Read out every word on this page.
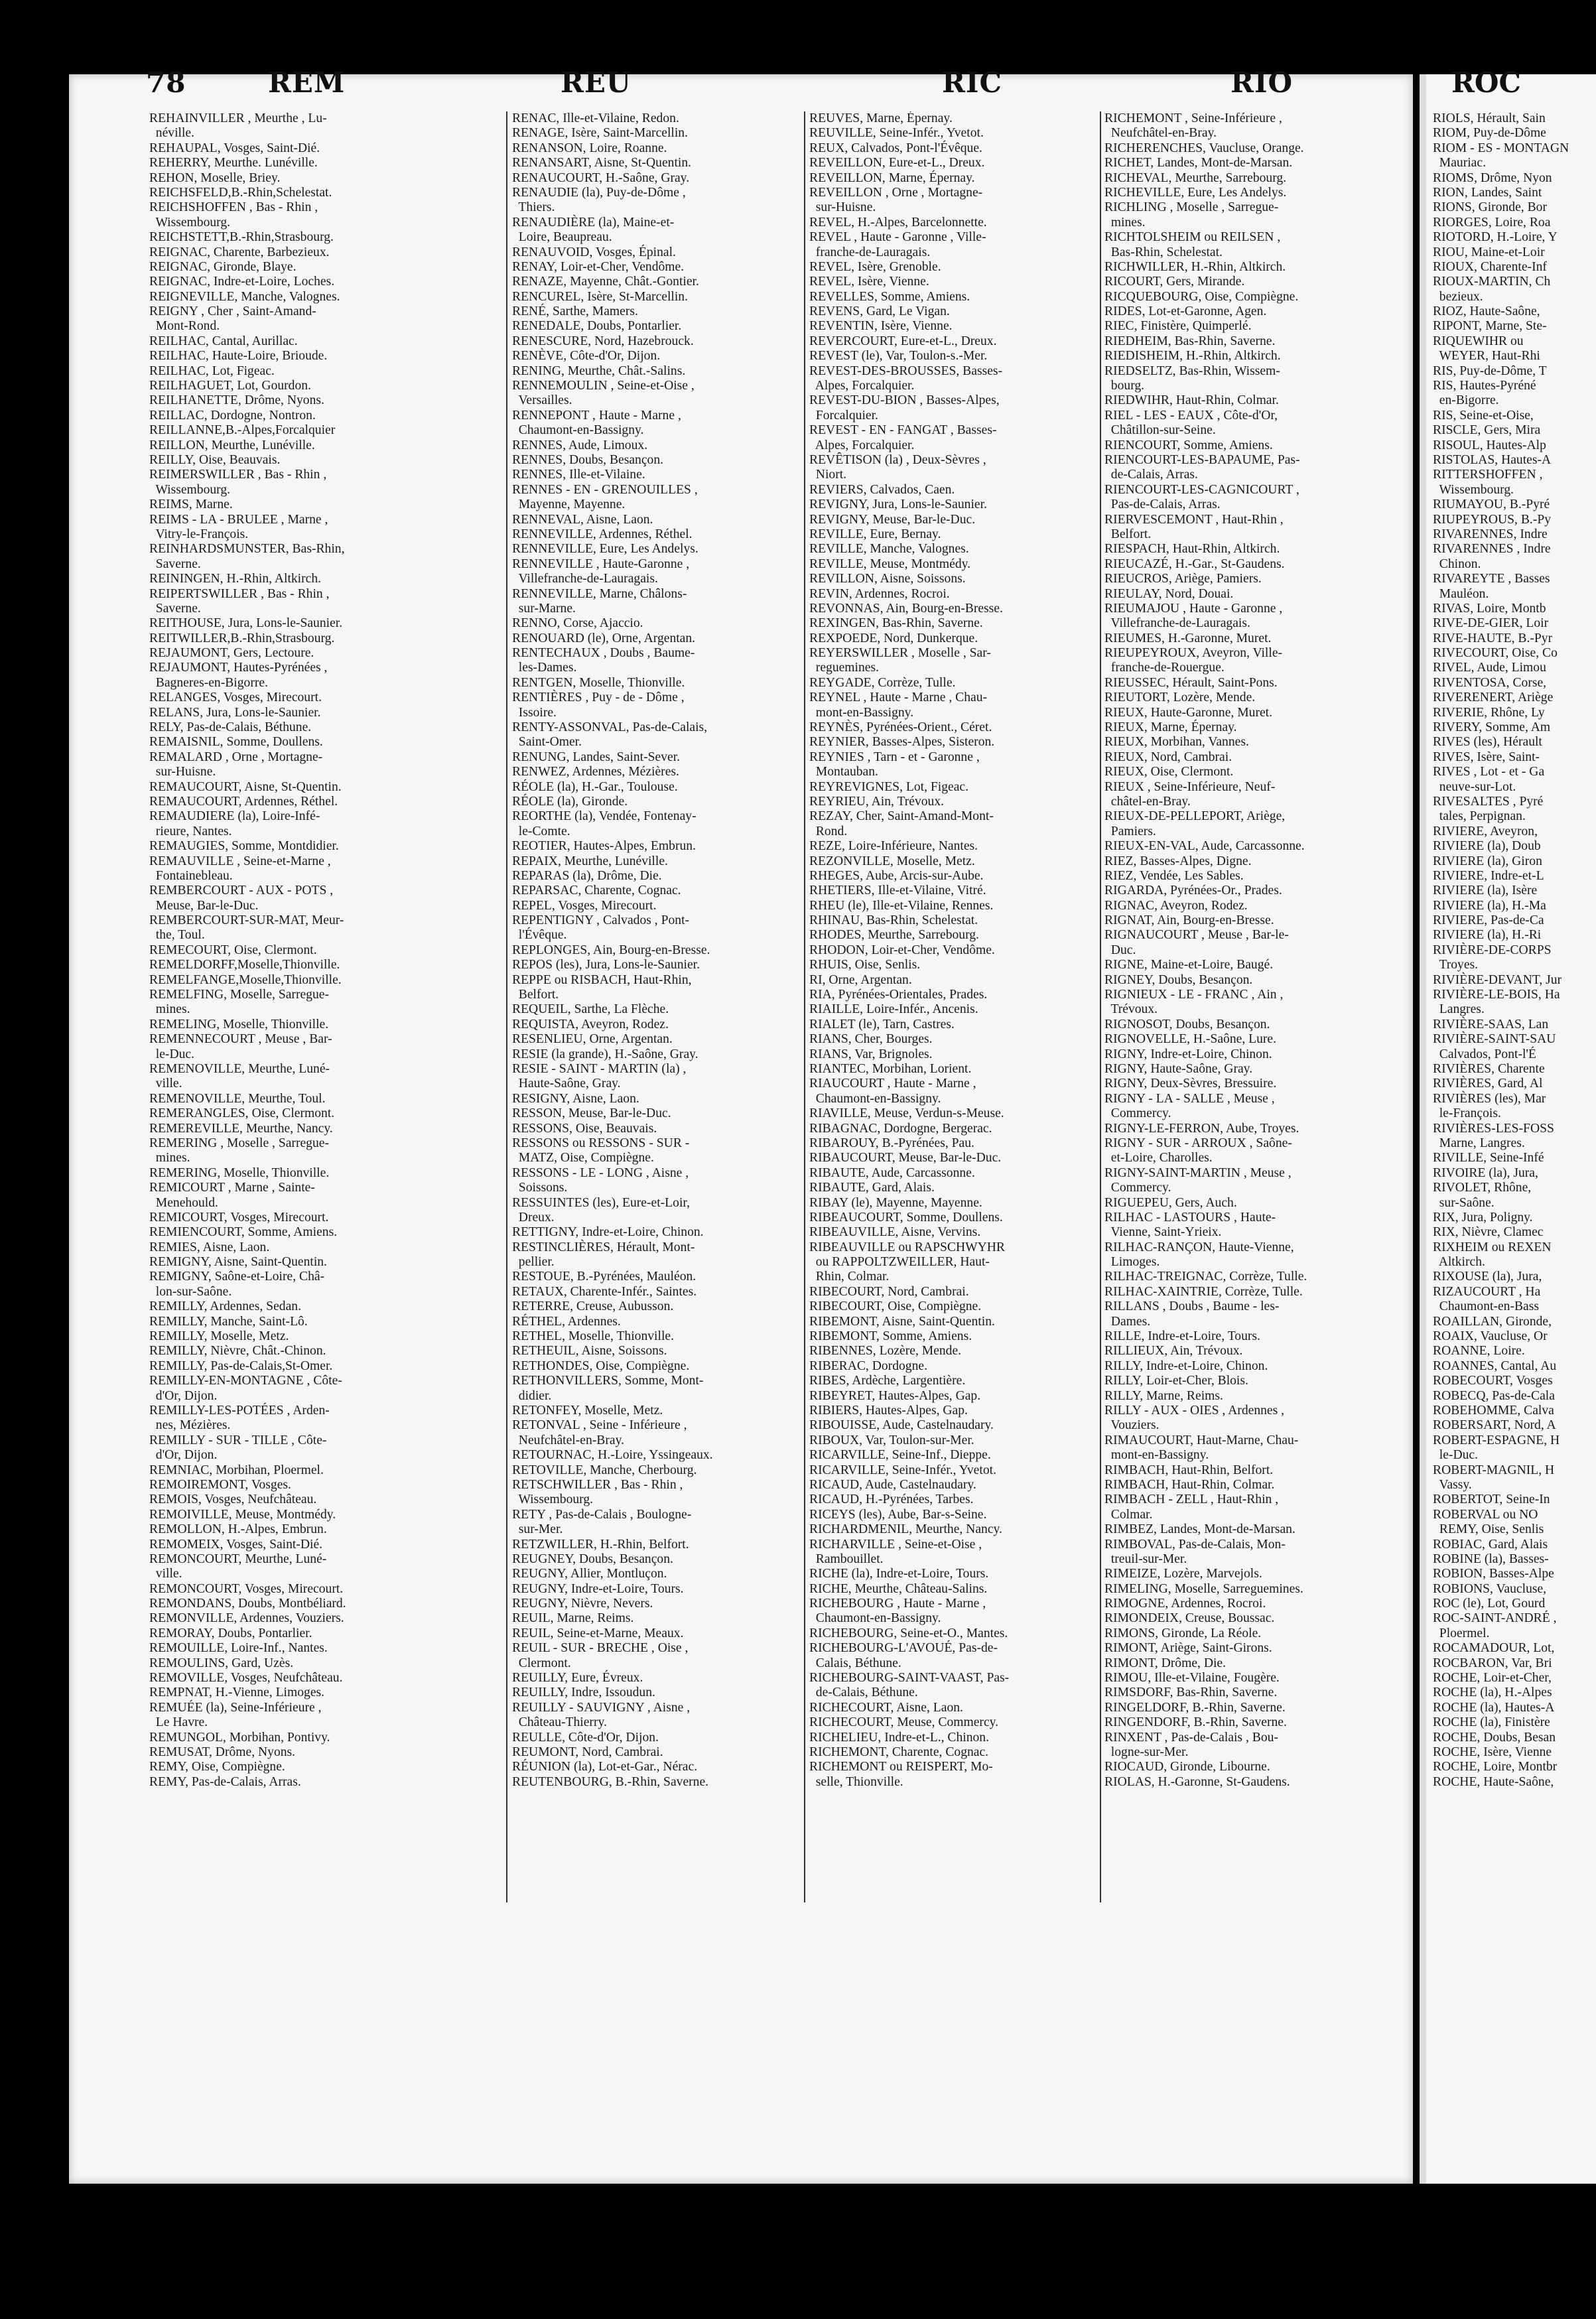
78	REM	REU	RIC	RIO	ROC
REHAINVILLER , Meurthe , Lu-
néville.
REHAUPAL, Vosges, Saint-Dié.
REHERRY, Meurthe. Lunéville.
REHON, Moselle, Briey.
REICHSFELD,B.-Rhin,Schelestat.
REICHSHOFFEN , Bas - Rhin ,
Wissembourg.
REICHSTETT,B.-Rhin,Strasbourg.
REIGNAC, Charente, Barbezieux.
REIGNAC, Gironde, Blaye.
REIGNAC, Indre-et-Loire, Loches.
REIGNEVILLE, Manche, Valognes.
REIGNY , Cher , Saint-Amand-
Mont-Rond.
REILHAC, Cantal, Aurillac.
REILHAC, Haute-Loire, Brioude.
REILHAC, Lot, Figeac.
REILHAGUET, Lot, Gourdon.
REILHANETTE, Drôme, Nyons.
REILLAC, Dordogne, Nontron.
REILLANNE,B.-Alpes,Forcalquier
REILLON, Meurthe, Lunéville.
REILLY, Oise, Beauvais.
REIMERSWILLER , Bas - Rhin ,
Wissembourg.
REIMS, Marne.
REIMS - LA - BRULEE , Marne ,
Vitry-le-François.
REINHARDSMUNSTER, Bas-Rhin,
Saverne.
REININGEN, H.-Rhin, Altkirch.
REIPERTSWILLER , Bas - Rhin ,
Saverne.
REITHOUSE, Jura, Lons-le-Saunier.
REITWILLER,B.-Rhin,Strasbourg.
REJAUMONT, Gers, Lectoure.
REJAUMONT, Hautes-Pyrénées ,
Bagneres-en-Bigorre.
RELANGES, Vosges, Mirecourt.
RELANS, Jura, Lons-le-Saunier.
RELY, Pas-de-Calais, Béthune.
REMAISNIL, Somme, Doullens.
REMALARD , Orne , Mortagne-
sur-Huisne.
REMAUCOURT, Aisne, St-Quentin.
REMAUCOURT, Ardennes, Réthel.
REMAUDIERE (la), Loire-Infé-
rieure, Nantes.
REMAUGIES, Somme, Montdidier.
REMAUVILLE , Seine-et-Marne ,
Fontainebleau.
REMBERCOURT - AUX - POTS ,
Meuse, Bar-le-Duc.
REMBERCOURT-SUR-MAT, Meur-
the, Toul.
REMECOURT, Oise, Clermont.
REMELDORFF,Moselle,Thionville.
REMELFANGE,Moselle,Thionville.
REMELFING, Moselle, Sarregue-
mines.
REMELING, Moselle, Thionville.
REMENNECOURT , Meuse , Bar-
le-Duc.
REMENOVILLE, Meurthe, Luné-
ville.
REMENOVILLE, Meurthe, Toul.
REMERANGLES, Oise, Clermont.
REMEREVILLE, Meurthe, Nancy.
REMERING , Moselle , Sarregue-
mines.
REMERING, Moselle, Thionville.
REMICOURT , Marne , Sainte-
Menehould.
REMICOURT, Vosges, Mirecourt.
REMIENCOURT, Somme, Amiens.
REMIES, Aisne, Laon.
REMIGNY, Aisne, Saint-Quentin.
REMIGNY, Saône-et-Loire, Châ-
lon-sur-Saône.
REMILLY, Ardennes, Sedan.
REMILLY, Manche, Saint-Lô.
REMILLY, Moselle, Metz.
REMILLY, Nièvre, Chât.-Chinon.
REMILLY, Pas-de-Calais,St-Omer.
REMILLY-EN-MONTAGNE , Côte-
d'Or, Dijon.
REMILLY-LES-POTÉES , Arden-
nes, Mézières.
REMILLY - SUR - TILLE , Côte-
d'Or, Dijon.
REMNIAC, Morbihan, Ploermel.
REMOIREMONT, Vosges.
REMOIS, Vosges, Neufchâteau.
REMOIVILLE, Meuse, Montmédy.
REMOLLON, H.-Alpes, Embrun.
REMOMEIX, Vosges, Saint-Dié.
REMONCOURT, Meurthe, Luné-
ville.
REMONCOURT, Vosges, Mirecourt.
REMONDANS, Doubs, Montbéliard.
REMONVILLE, Ardennes, Vouziers.
REMORAY, Doubs, Pontarlier.
REMOUILLE, Loire-Inf., Nantes.
REMOULINS, Gard, Uzès.
REMOVILLE, Vosges, Neufchâteau.
REMPNAT, H.-Vienne, Limoges.
REMUÉE (la), Seine-Inférieure ,
Le Havre.
REMUNGOL, Morbihan, Pontivy.
REMUSAT, Drôme, Nyons.
REMY, Oise, Compiègne.
REMY, Pas-de-Calais, Arras.
RENAC, Ille-et-Vilaine, Redon.
RENAGE, Isère, Saint-Marcellin.
RENANSON, Loire, Roanne.
RENANSART, Aisne, St-Quentin.
RENAUCOURT, H.-Saône, Gray.
RENAUDIE (la), Puy-de-Dôme ,
Thiers.
RENAUDIÈRE (la), Maine-et-
Loire, Beaupreau.
RENAUVOID, Vosges, Épinal.
RENAY, Loir-et-Cher, Vendôme.
RENAZE, Mayenne, Chât.-Gontier.
RENCUREL, Isère, St-Marcellin.
RENÉ, Sarthe, Mamers.
RENEDALE, Doubs, Pontarlier.
RENESCURE, Nord, Hazebrouck.
RENÈVE, Côte-d'Or, Dijon.
RENING, Meurthe, Chât.-Salins.
RENNEMOULIN , Seine-et-Oise ,
Versailles.
RENNEPONT , Haute - Marne ,
Chaumont-en-Bassigny.
RENNES, Aude, Limoux.
RENNES, Doubs, Besançon.
RENNES, Ille-et-Vilaine.
RENNES - EN - GRENOUILLES ,
Mayenne, Mayenne.
RENNEVAL, Aisne, Laon.
RENNEVILLE, Ardennes, Réthel.
RENNEVILLE, Eure, Les Andelys.
RENNEVILLE , Haute-Garonne ,
Villefranche-de-Lauragais.
RENNEVILLE, Marne, Châlons-
sur-Marne.
RENNO, Corse, Ajaccio.
RENOUARD (le), Orne, Argentan.
RENTECHAUX , Doubs , Baume-
les-Dames.
RENTGEN, Moselle, Thionville.
RENTIÈRES , Puy - de - Dôme ,
Issoire.
RENTY-ASSONVAL, Pas-de-Calais,
Saint-Omer.
RENUNG, Landes, Saint-Sever.
RENWEZ, Ardennes, Mézières.
RÉOLE (la), H.-Gar., Toulouse.
RÉOLE (la), Gironde.
REORTHE (la), Vendée, Fontenay-
le-Comte.
REOTIER, Hautes-Alpes, Embrun.
REPAIX, Meurthe, Lunéville.
REPARAS (la), Drôme, Die.
REPARSAC, Charente, Cognac.
REPEL, Vosges, Mirecourt.
REPENTIGNY , Calvados , Pont-
l'Évêque.
REPLONGES, Ain, Bourg-en-Bresse.
REPOS (les), Jura, Lons-le-Saunier.
REPPE ou RISBACH, Haut-Rhin,
Belfort.
REQUEIL, Sarthe, La Flèche.
REQUISTA, Aveyron, Rodez.
RESENLIEU, Orne, Argentan.
RESIE (la grande), H.-Saône, Gray.
RESIE - SAINT - MARTIN (la) ,
Haute-Saône, Gray.
RESIGNY, Aisne, Laon.
RESSON, Meuse, Bar-le-Duc.
RESSONS, Oise, Beauvais.
RESSONS ou RESSONS - SUR -
MATZ, Oise, Compiègne.
RESSONS - LE - LONG , Aisne ,
Soissons.
RESSUINTES (les), Eure-et-Loir,
Dreux.
RETTIGNY, Indre-et-Loire, Chinon.
RESTINCLIÈRES, Hérault, Mont-
pellier.
RESTOUE, B.-Pyrénées, Mauléon.
RETAUX, Charente-Infér., Saintes.
RETERRE, Creuse, Aubusson.
RÉTHEL, Ardennes.
RETHEL, Moselle, Thionville.
RETHEUIL, Aisne, Soissons.
RETHONDES, Oise, Compiègne.
RETHONVILLERS, Somme, Mont-
didier.
RETONFEY, Moselle, Metz.
RETONVAL , Seine - Inférieure ,
Neufchâtel-en-Bray.
RETOURNAC, H.-Loire, Yssingeaux.
RETOVILLE, Manche, Cherbourg.
RETSCHWILLER , Bas - Rhin ,
Wissembourg.
RETY , Pas-de-Calais , Boulogne-
sur-Mer.
RETZWILLER, H.-Rhin, Belfort.
REUGNEY, Doubs, Besançon.
REUGNY, Allier, Montluçon.
REUGNY, Indre-et-Loire, Tours.
REUGNY, Nièvre, Nevers.
REUIL, Marne, Reims.
REUIL, Seine-et-Marne, Meaux.
REUIL - SUR - BRECHE , Oise ,
Clermont.
REUILLY, Eure, Évreux.
REUILLY, Indre, Issoudun.
REUILLY - SAUVIGNY , Aisne ,
Château-Thierry.
REULLE, Côte-d'Or, Dijon.
REUMONT, Nord, Cambrai.
RÉUNION (la), Lot-et-Gar., Nérac.
REUTENBOURG, B.-Rhin, Saverne.
REUVES, Marne, Épernay.
REUVILLE, Seine-Infér., Yvetot.
REUX, Calvados, Pont-l'Évêque.
REVEILLON, Eure-et-L., Dreux.
REVEILLON, Marne, Épernay.
REVEILLON , Orne , Mortagne-
sur-Huisne.
REVEL, H.-Alpes, Barcelonnette.
REVEL , Haute - Garonne , Ville-
franche-de-Lauragais.
REVEL, Isère, Grenoble.
REVEL, Isère, Vienne.
REVELLES, Somme, Amiens.
REVENS, Gard, Le Vigan.
REVENTIN, Isère, Vienne.
REVERCOURT, Eure-et-L., Dreux.
REVEST (le), Var, Toulon-s.-Mer.
REVEST-DES-BROUSSES, Basses-
Alpes, Forcalquier.
REVEST-DU-BION , Basses-Alpes,
Forcalquier.
REVEST - EN - FANGAT , Basses-
Alpes, Forcalquier.
REVÊTISON (la) , Deux-Sèvres ,
Niort.
REVIERS, Calvados, Caen.
REVIGNY, Jura, Lons-le-Saunier.
REVIGNY, Meuse, Bar-le-Duc.
REVILLE, Eure, Bernay.
REVILLE, Manche, Valognes.
REVILLE, Meuse, Montmédy.
REVILLON, Aisne, Soissons.
REVIN, Ardennes, Rocroi.
REVONNAS, Ain, Bourg-en-Bresse.
REXINGEN, Bas-Rhin, Saverne.
REXPOEDE, Nord, Dunkerque.
REYERSWILLER , Moselle , Sar-
reguemines.
REYGADE, Corrèze, Tulle.
REYNEL , Haute - Marne , Chau-
mont-en-Bassigny.
REYNÈS, Pyrénées-Orient., Céret.
REYNIER, Basses-Alpes, Sisteron.
REYNIES , Tarn - et - Garonne ,
Montauban.
REYREVIGNES, Lot, Figeac.
REYRIEU, Ain, Trévoux.
REZAY, Cher, Saint-Amand-Mont-
Rond.
REZE, Loire-Inférieure, Nantes.
REZONVILLE, Moselle, Metz.
RHEGES, Aube, Arcis-sur-Aube.
RHETIERS, Ille-et-Vilaine, Vitré.
RHEU (le), Ille-et-Vilaine, Rennes.
RHINAU, Bas-Rhin, Schelestat.
RHODES, Meurthe, Sarrebourg.
RHODON, Loir-et-Cher, Vendôme.
RHUIS, Oise, Senlis.
RI, Orne, Argentan.
RIA, Pyrénées-Orientales, Prades.
RIAILLE, Loire-Infér., Ancenis.
RIALET (le), Tarn, Castres.
RIANS, Cher, Bourges.
RIANS, Var, Brignoles.
RIANTEC, Morbihan, Lorient.
RIAUCOURT , Haute - Marne ,
Chaumont-en-Bassigny.
RIAVILLE, Meuse, Verdun-s-Meuse.
RIBAGNAC, Dordogne, Bergerac.
RIBAROUY, B.-Pyrénées, Pau.
RIBAUCOURT, Meuse, Bar-le-Duc.
RIBAUTE, Aude, Carcassonne.
RIBAUTE, Gard, Alais.
RIBAY (le), Mayenne, Mayenne.
RIBEAUCOURT, Somme, Doullens.
RIBEAUVILLE, Aisne, Vervins.
RIBEAUVILLE ou RAPSCHWYHR
ou RAPPOLTZWEILLER, Haut-
Rhin, Colmar.
RIBECOURT, Nord, Cambrai.
RIBECOURT, Oise, Compiègne.
RIBEMONT, Aisne, Saint-Quentin.
RIBEMONT, Somme, Amiens.
RIBENNES, Lozère, Mende.
RIBERAC, Dordogne.
RIBES, Ardèche, Largentière.
RIBEYRET, Hautes-Alpes, Gap.
RIBIERS, Hautes-Alpes, Gap.
RIBOUISSE, Aude, Castelnaudary.
RIBOUX, Var, Toulon-sur-Mer.
RICARVILLE, Seine-Inf., Dieppe.
RICARVILLE, Seine-Infér., Yvetot.
RICAUD, Aude, Castelnaudary.
RICAUD, H.-Pyrénées, Tarbes.
RICEYS (les), Aube, Bar-s-Seine.
RICHARDMENIL, Meurthe, Nancy.
RICHARVILLE , Seine-et-Oise ,
Rambouillet.
RICHE (la), Indre-et-Loire, Tours.
RICHE, Meurthe, Château-Salins.
RICHEBOURG , Haute - Marne ,
Chaumont-en-Bassigny.
RICHEBOURG, Seine-et-O., Mantes.
RICHEBOURG-L'AVOUÉ, Pas-de-
Calais, Béthune.
RICHEBOURG-SAINT-VAAST, Pas-
de-Calais, Béthune.
RICHECOURT, Aisne, Laon.
RICHECOURT, Meuse, Commercy.
RICHELIEU, Indre-et-L., Chinon.
RICHEMONT, Charente, Cognac.
RICHEMONT ou REISPERT, Mo-
selle, Thionville.
RICHEMONT , Seine-Inférieure ,
Neufchâtel-en-Bray.
RICHERENCHES, Vaucluse, Orange.
RICHET, Landes, Mont-de-Marsan.
RICHEVAL, Meurthe, Sarrebourg.
RICHEVILLE, Eure, Les Andelys.
RICHLING , Moselle , Sarregue-
mines.
RICHTOLSHEIM ou REILSEN ,
Bas-Rhin, Schelestat.
RICHWILLER, H.-Rhin, Altkirch.
RICOURT, Gers, Mirande.
RICQUEBOURG, Oise, Compiègne.
RIDES, Lot-et-Garonne, Agen.
RIEC, Finistère, Quimperlé.
RIEDHEIM, Bas-Rhin, Saverne.
RIEDISHEIM, H.-Rhin, Altkirch.
RIEDSELTZ, Bas-Rhin, Wissem-
bourg.
RIEDWIHR, Haut-Rhin, Colmar.
RIEL - LES - EAUX , Côte-d'Or,
Châtillon-sur-Seine.
RIENCOURT, Somme, Amiens.
RIENCOURT-LES-BAPAUME, Pas-
de-Calais, Arras.
RIENCOURT-LES-CAGNICOURT ,
Pas-de-Calais, Arras.
RIERVESCEMONT , Haut-Rhin ,
Belfort.
RIESPACH, Haut-Rhin, Altkirch.
RIEUCAZÉ, H.-Gar., St-Gaudens.
RIEUCROS, Ariège, Pamiers.
RIEULAY, Nord, Douai.
RIEUMAJOU , Haute - Garonne ,
Villefranche-de-Lauragais.
RIEUMES, H.-Garonne, Muret.
RIEUPEYROUX, Aveyron, Ville-
franche-de-Rouergue.
RIEUSSEC, Hérault, Saint-Pons.
RIEUTORT, Lozère, Mende.
RIEUX, Haute-Garonne, Muret.
RIEUX, Marne, Épernay.
RIEUX, Morbihan, Vannes.
RIEUX, Nord, Cambrai.
RIEUX, Oise, Clermont.
RIEUX , Seine-Inférieure, Neuf-
châtel-en-Bray.
RIEUX-DE-PELLEPORT, Ariège,
Pamiers.
RIEUX-EN-VAL, Aude, Carcassonne.
RIEZ, Basses-Alpes, Digne.
RIEZ, Vendée, Les Sables.
RIGARDA, Pyrénées-Or., Prades.
RIGNAC, Aveyron, Rodez.
RIGNAT, Ain, Bourg-en-Bresse.
RIGNAUCOURT , Meuse , Bar-le-
Duc.
RIGNE, Maine-et-Loire, Baugé.
RIGNEY, Doubs, Besançon.
RIGNIEUX - LE - FRANC , Ain ,
Trévoux.
RIGNOSOT, Doubs, Besançon.
RIGNOVELLE, H.-Saône, Lure.
RIGNY, Indre-et-Loire, Chinon.
RIGNY, Haute-Saône, Gray.
RIGNY, Deux-Sèvres, Bressuire.
RIGNY - LA - SALLE , Meuse ,
Commercy.
RIGNY-LE-FERRON, Aube, Troyes.
RIGNY - SUR - ARROUX , Saône-
et-Loire, Charolles.
RIGNY-SAINT-MARTIN , Meuse ,
Commercy.
RIGUEPEU, Gers, Auch.
RILHAC - LASTOURS , Haute-
Vienne, Saint-Yrieix.
RILHAC-RANÇON, Haute-Vienne,
Limoges.
RILHAC-TREIGNAC, Corrèze, Tulle.
RILHAC-XAINTRIE, Corrèze, Tulle.
RILLANS , Doubs , Baume - les-
Dames.
RILLE, Indre-et-Loire, Tours.
RILLIEUX, Ain, Trévoux.
RILLY, Indre-et-Loire, Chinon.
RILLY, Loir-et-Cher, Blois.
RILLY, Marne, Reims.
RILLY - AUX - OIES , Ardennes ,
Vouziers.
RIMAUCOURT, Haut-Marne, Chau-
mont-en-Bassigny.
RIMBACH, Haut-Rhin, Belfort.
RIMBACH, Haut-Rhin, Colmar.
RIMBACH - ZELL , Haut-Rhin ,
Colmar.
RIMBEZ, Landes, Mont-de-Marsan.
RIMBOVAL, Pas-de-Calais, Mon-
treuil-sur-Mer.
RIMEIZE, Lozère, Marvejols.
RIMELING, Moselle, Sarreguemines.
RIMOGNE, Ardennes, Rocroi.
RIMONDEIX, Creuse, Boussac.
RIMONS, Gironde, La Réole.
RIMONT, Ariège, Saint-Girons.
RIMONT, Drôme, Die.
RIMOU, Ille-et-Vilaine, Fougère.
RIMSDORF, Bas-Rhin, Saverne.
RINGELDORF, B.-Rhin, Saverne.
RINGENDORF, B.-Rhin, Saverne.
RINXENT , Pas-de-Calais , Bou-
logne-sur-Mer.
RIOCAUD, Gironde, Libourne.
RIOLAS, H.-Garonne, St-Gaudens.
RIOLS, Hérault, Sain
RIOM, Puy-de-Dôme
RIOM - ES - MONTAGN
Mauriac.
RIOMS, Drôme, Nyon
RION, Landes, Saint
RIONS, Gironde, Bor
RIORGES, Loire, Roa
RIOTORD, H.-Loire, Y
RIOU, Maine-et-Loir
RIOUX, Charente-Inf
RIOUX-MARTIN, Ch
bezieux.
RIOZ, Haute-Saône,
RIPONT, Marne, Ste-
RIQUEWIHR ou
WEYER, Haut-Rhi
RIS, Puy-de-Dôme, T
RIS, Hautes-Pyréné
en-Bigorre.
RIS, Seine-et-Oise,
RISCLE, Gers, Mira
RISOUL, Hautes-Alp
RISTOLAS, Hautes-A
RITTERSHOFFEN ,
Wissembourg.
RIUMAYOU, B.-Pyré
RIUPEYROUS, B.-Py
RIVARENNES, Indre
RIVARENNES , Indre
Chinon.
RIVAREYTE , Basses
Mauléon.
RIVAS, Loire, Montb
RIVE-DE-GIER, Loir
RIVE-HAUTE, B.-Pyr
RIVECOURT, Oise, Co
RIVEL, Aude, Limou
RIVENTOSA, Corse,
RIVERENERT, Ariège
RIVERIE, Rhône, Ly
RIVERY, Somme, Am
RIVES (les), Hérault
RIVES, Isère, Saint-
RIVES , Lot - et - Ga
neuve-sur-Lot.
RIVESALTES , Pyré
tales, Perpignan.
RIVIERE, Aveyron,
RIVIERE (la), Doub
RIVIERE (la), Giron
RIVIERE, Indre-et-L
RIVIERE (la), Isère
RIVIERE (la), H.-Ma
RIVIERE, Pas-de-Ca
RIVIERE (la), H.-Ri
RIVIÈRE-DE-CORPS
Troyes.
RIVIÈRE-DEVANT, Jur
RIVIÈRE-LE-BOIS, Ha
Langres.
RIVIÈRE-SAAS, Lan
RIVIÈRE-SAINT-SAU
Calvados, Pont-l'É
RIVIÈRES, Charente
RIVIÈRES, Gard, Al
RIVIÈRES (les), Mar
le-François.
RIVIÈRES-LES-FOSS
Marne, Langres.
RIVILLE, Seine-Infé
RIVOIRE (la), Jura,
RIVOLET, Rhône,
sur-Saône.
RIX, Jura, Poligny.
RIX, Nièvre, Clamec
RIXHEIM ou REXEN
Altkirch.
RIXOUSE (la), Jura,
RIZAUCOURT , Ha
Chaumont-en-Bass
ROAILLAN, Gironde,
ROAIX, Vaucluse, Or
ROANNE, Loire.
ROANNES, Cantal, Au
ROBECOURT, Vosges
ROBECQ, Pas-de-Cala
ROBEHOMME, Calva
ROBERSART, Nord, A
ROBERT-ESPAGNE, H
le-Duc.
ROBERT-MAGNIL, H
Vassy.
ROBERTOT, Seine-In
ROBERVAL ou NO
REMY, Oise, Senlis
ROBIAC, Gard, Alais
ROBINE (la), Basses-
ROBION, Basses-Alpe
ROBIONS, Vaucluse,
ROC (le), Lot, Gourd
ROC-SAINT-ANDRÉ ,
Ploermel.
ROCAMADOUR, Lot,
ROCBARON, Var, Bri
ROCHE, Loir-et-Cher,
ROCHE (la), H.-Alpes
ROCHE (la), Hautes-A
ROCHE (la), Finistère
ROCHE, Doubs, Besan
ROCHE, Isère, Vienne
ROCHE, Loire, Montbr
ROCHE, Haute-Saône,
